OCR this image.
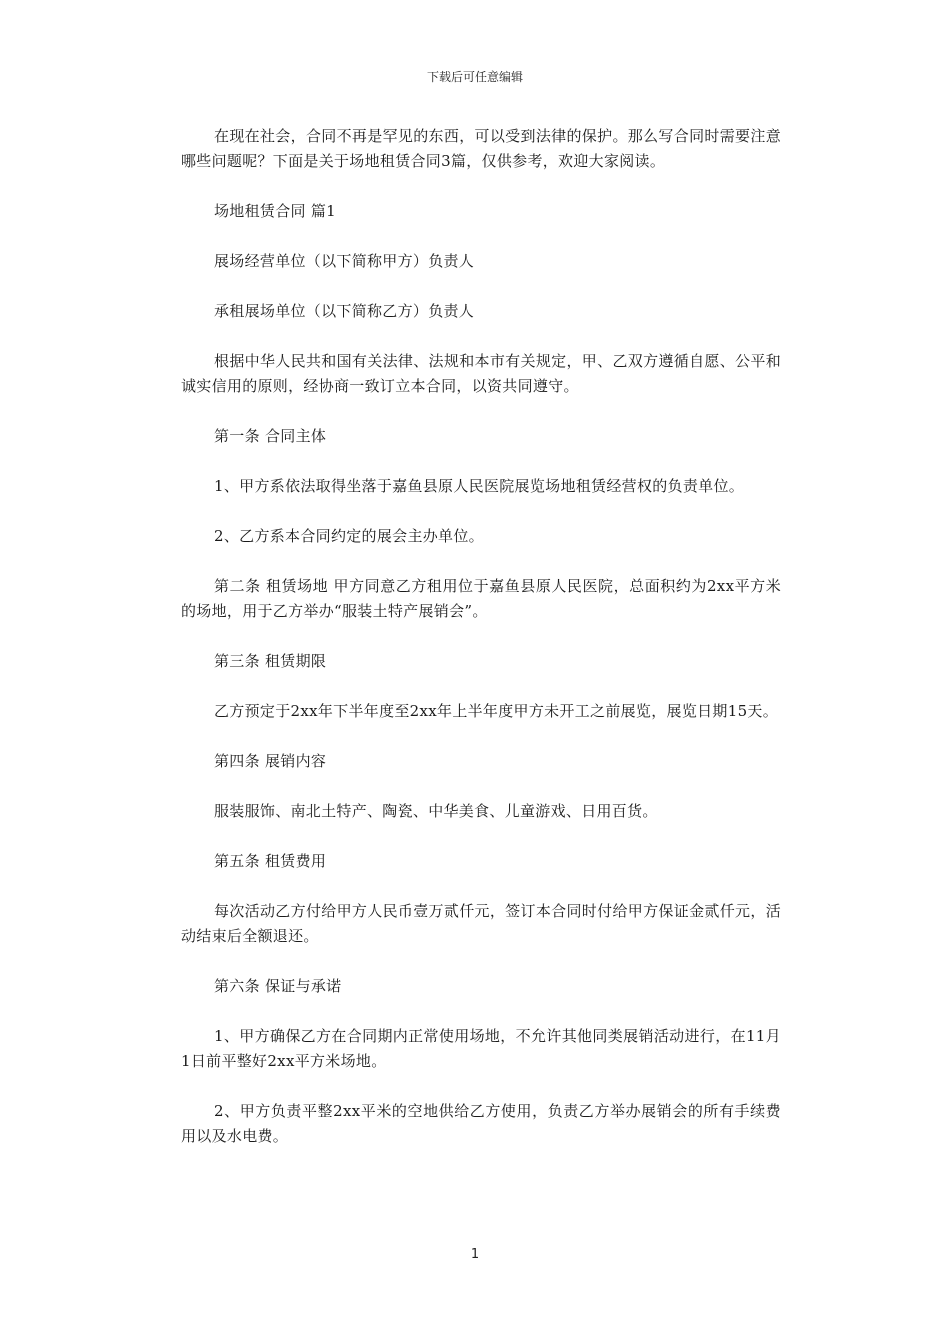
下载后可任意编辑

在现在社会，合同不再是罕见的东西，可以受到法律的保护。那么写合同时需要注意哪些问题呢？下面是关于场地租赁合同3篇，仅供参考，欢迎大家阅读。

场地租赁合同 篇1

展场经营单位（以下简称甲方）负责人

承租展场单位（以下简称乙方）负责人

根据中华人民共和国有关法律、法规和本市有关规定，甲、乙双方遵循自愿、公平和诚实信用的原则，经协商一致订立本合同，以资共同遵守。

第一条 合同主体

1、甲方系依法取得坐落于嘉鱼县原人民医院展览场地租赁经营权的负责单位。

2、乙方系本合同约定的展会主办单位。

第二条 租赁场地 甲方同意乙方租用位于嘉鱼县原人民医院，总面积约为2xx平方米的场地，用于乙方举办“服装土特产展销会”。

第三条 租赁期限

乙方预定于2xx年下半年度至2xx年上半年度甲方未开工之前展览，展览日期15天。

第四条 展销内容

服装服饰、南北土特产、陶瓷、中华美食、儿童游戏、日用百货。

第五条 租赁费用

每次活动乙方付给甲方人民币壹万贰仟元，签订本合同时付给甲方保证金贰仟元，活动结束后全额退还。

第六条 保证与承诺

1、甲方确保乙方在合同期内正常使用场地，不允许其他同类展销活动进行，在11月1日前平整好2xx平方米场地。

2、甲方负责平整2xx平米的空地供给乙方使用，负责乙方举办展销会的所有手续费用以及水电费。

1
